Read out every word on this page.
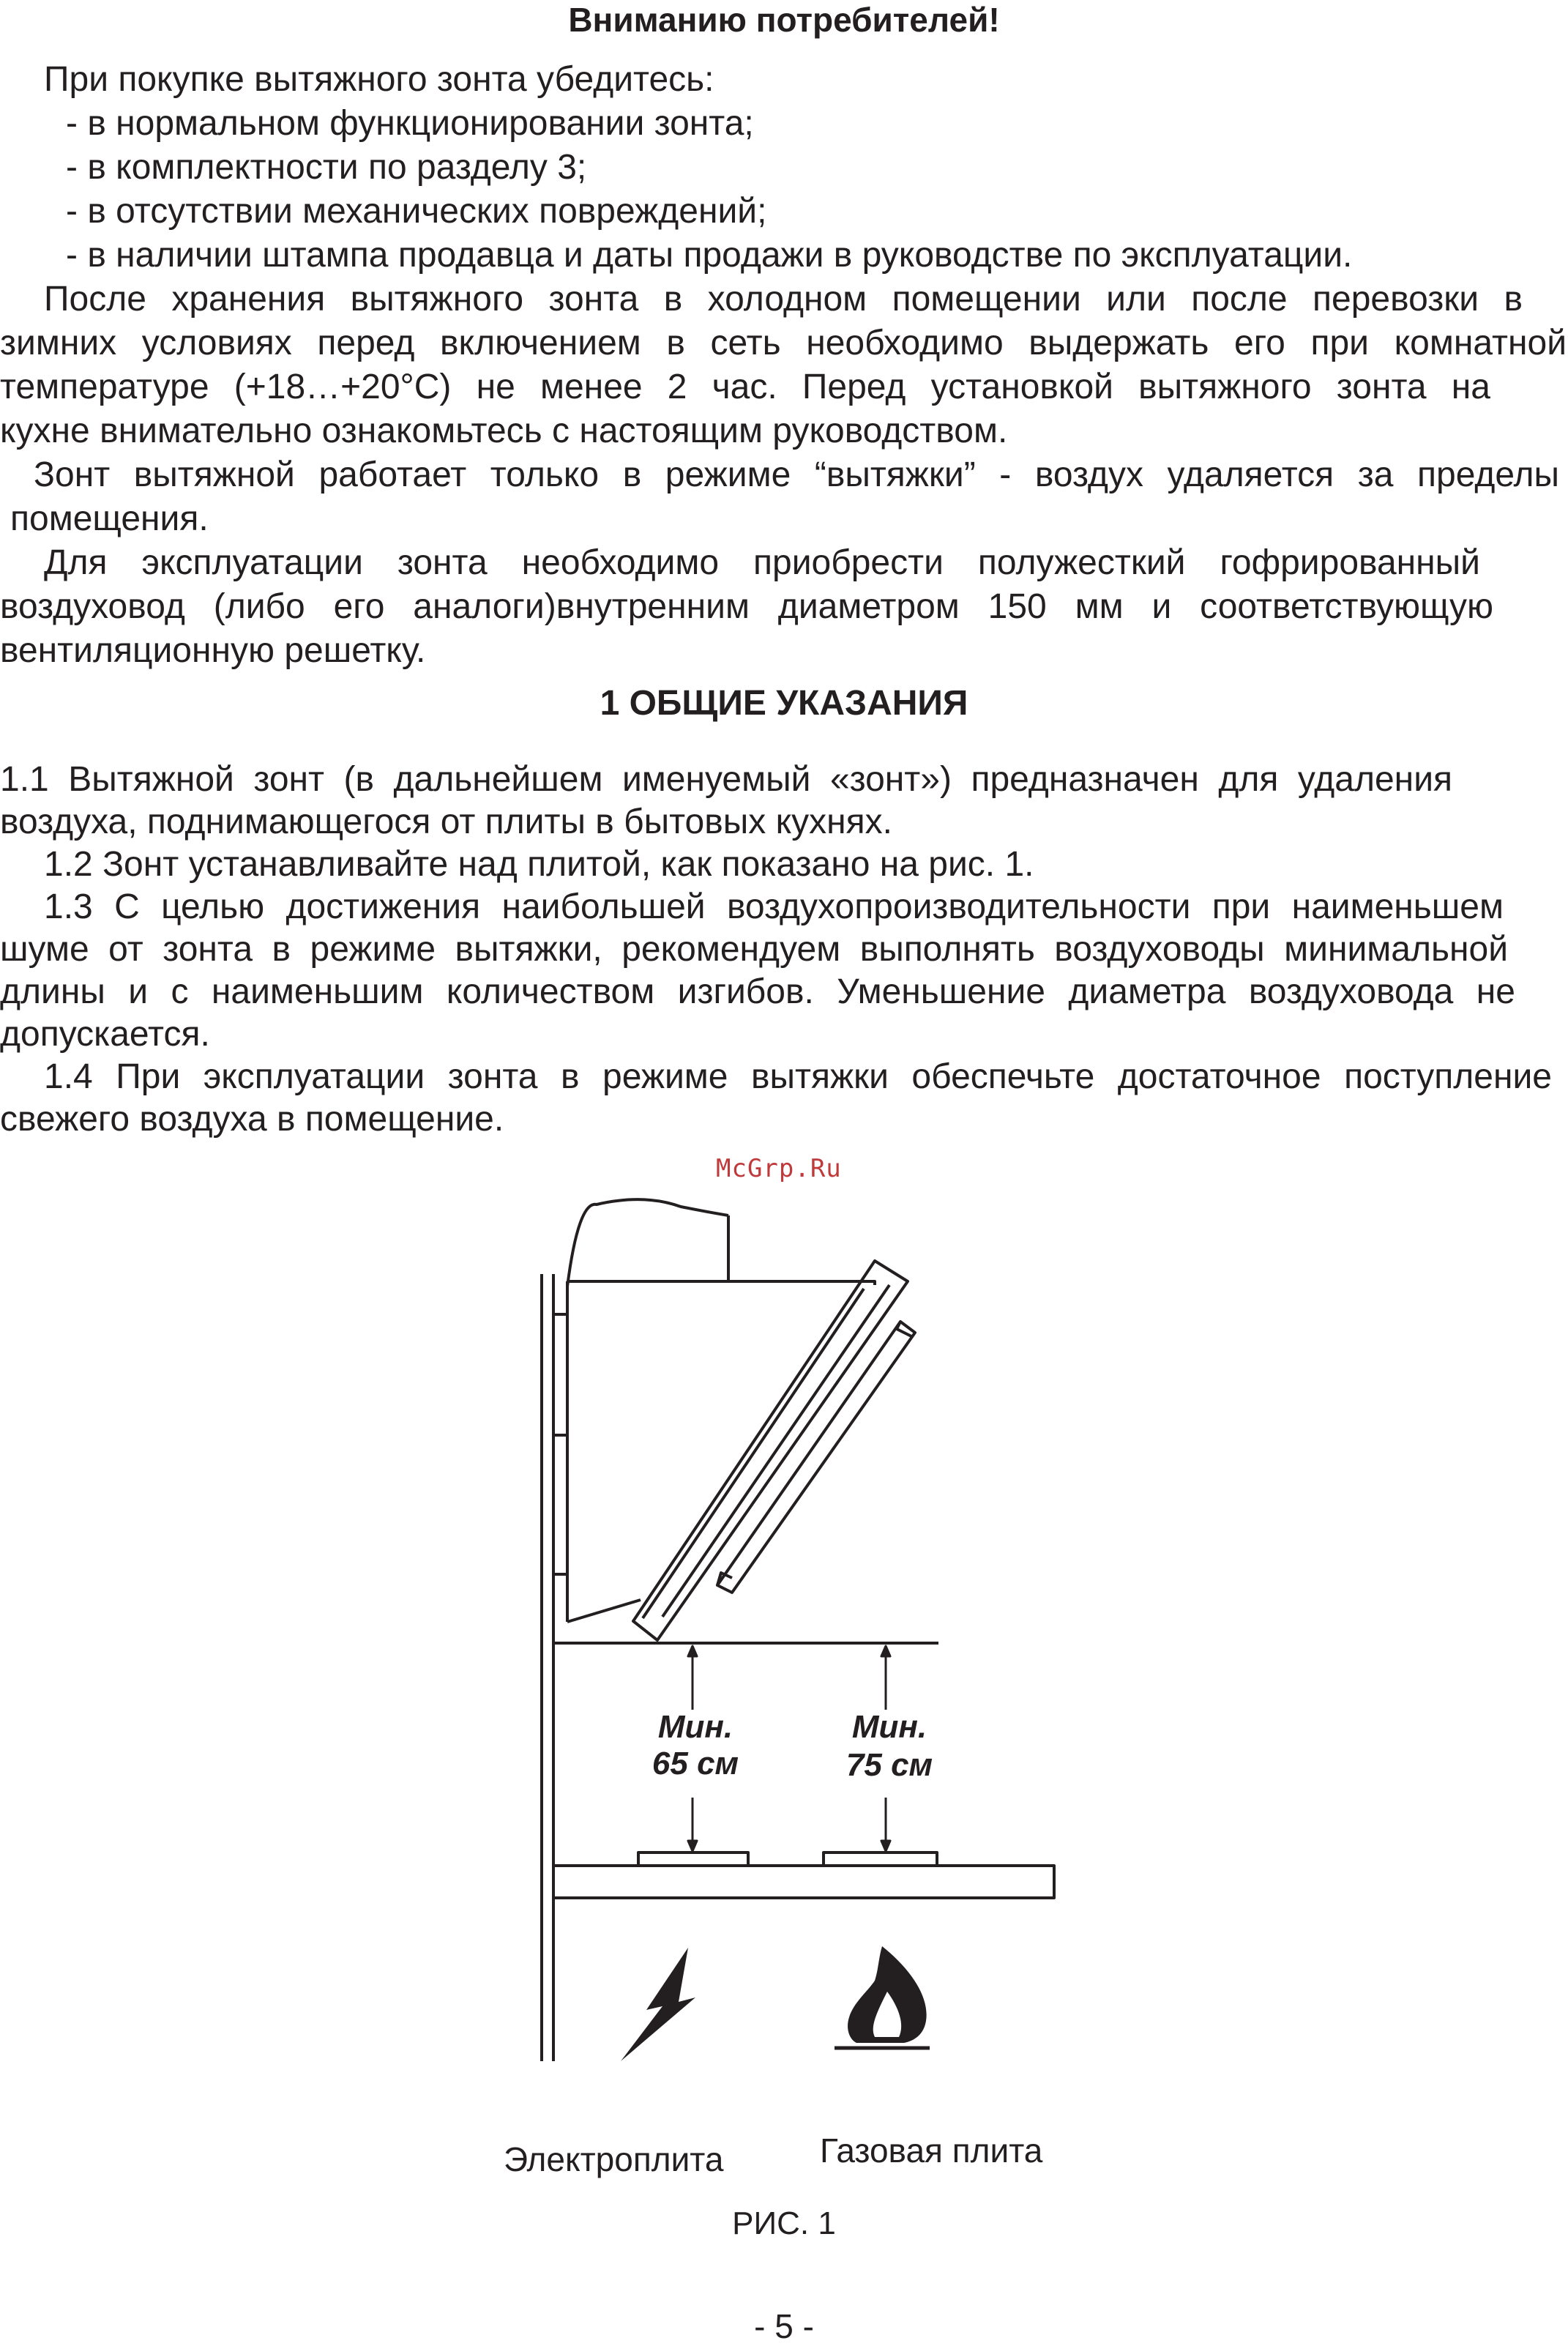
Вниманию потребителей!
При покупке вытяжного зонта убедитесь:
- в нормальном функционировании зонта;
- в комплектности по разделу 3;
- в отсутствии механических повреждений;
- в наличии штампа продавца и даты продажи в руководстве по эксплуатации.
После хранения вытяжного зонта в холодном помещении или после перевозки в
зимних условиях перед включением в сеть необходимо выдержать его при комнатной
температуре (+18…+20°С) не менее 2 час. Перед установкой вытяжного зонта на
кухне внимательно ознакомьтесь с настоящим руководством.
Зонт вытяжной работает только в режиме “вытяжки” - воздух удаляется за пределы
помещения.
Для эксплуатации зонта необходимо приобрести полужесткий гофрированный
воздуховод (либо его аналоги)внутренним диаметром 150 мм и соответствующую
вентиляционную решетку.
1 ОБЩИЕ УКАЗАНИЯ
1.1 Вытяжной зонт (в дальнейшем именуемый «зонт») предназначен для удаления
воздуха, поднимающегося от плиты в бытовых кухнях.
1.2 Зонт устанавливайте над плитой, как показано на рис. 1.
1.3 С целью достижения наибольшей воздухопроизводительности при наименьшем
шуме от зонта в режиме вытяжки, рекомендуем выполнять воздуховоды минимальной
длины и с наименьшим количеством изгибов. Уменьшение диаметра воздуховода не
допускается.
1.4 При эксплуатации зонта в режиме вытяжки обеспечьте достаточное поступление
свежего воздуха в помещение.
McGrp.Ru
Мин.
65 см
Мин.
75 см
Электроплита	Газовая плита
РИС. 1
- 5 -
